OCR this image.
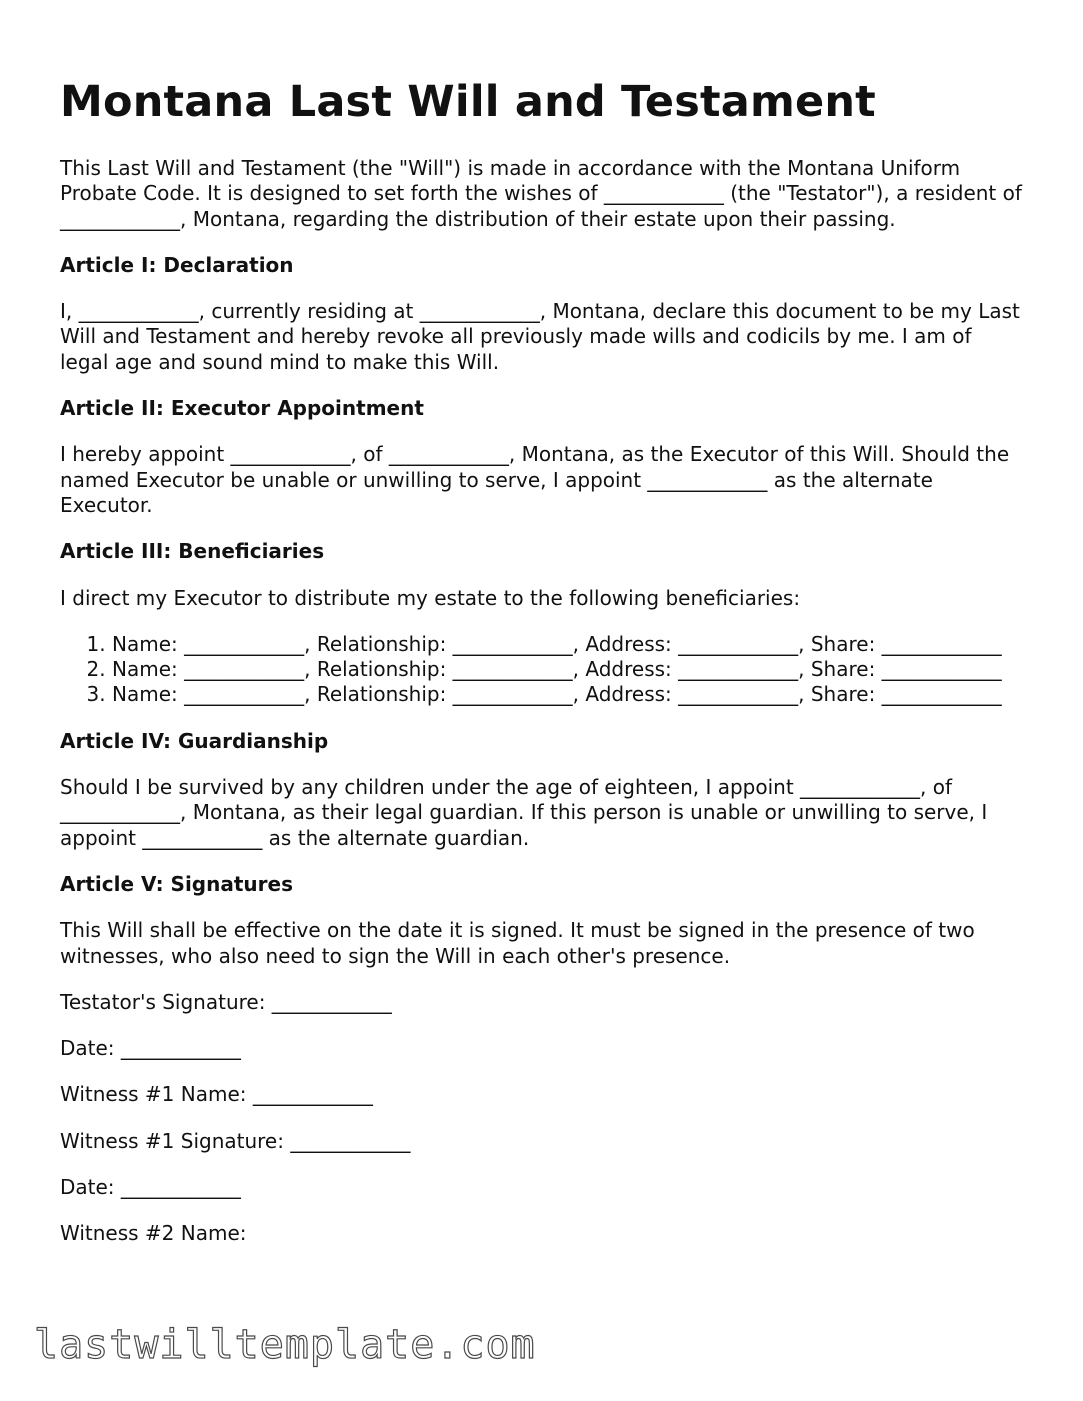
Montana Last Will and Testament

This Last Will and Testament (the "Will") is made in accordance with the Montana Uniform Probate Code. It is designed to set forth the wishes of ____________ (the "Testator"), a resident of ____________, Montana, regarding the distribution of their estate upon their passing.

Article I: Declaration

I, ____________, currently residing at ____________, Montana, declare this document to be my Last Will and Testament and hereby revoke all previously made wills and codicils by me. I am of legal age and sound mind to make this Will.

Article II: Executor Appointment

I hereby appoint ____________, of ____________, Montana, as the Executor of this Will. Should the named Executor be unable or unwilling to serve, I appoint ____________ as the alternate Executor.

Article III: Beneficiaries

I direct my Executor to distribute my estate to the following beneficiaries:

1. Name: ____________, Relationship: ____________, Address: ____________, Share: ____________
2. Name: ____________, Relationship: ____________, Address: ____________, Share: ____________
3. Name: ____________, Relationship: ____________, Address: ____________, Share: ____________
Article IV: Guardianship

Should I be survived by any children under the age of eighteen, I appoint ____________, of ____________, Montana, as their legal guardian. If this person is unable or unwilling to serve, I appoint ____________ as the alternate guardian.

Article V: Signatures

This Will shall be effective on the date it is signed. It must be signed in the presence of two witnesses, who also need to sign the Will in each other's presence.

Testator's Signature: ____________

Date: ____________

Witness #1 Name: ____________

Witness #1 Signature: ____________

Date: ____________

Witness #2 Name:

lastwilltemplate.com
